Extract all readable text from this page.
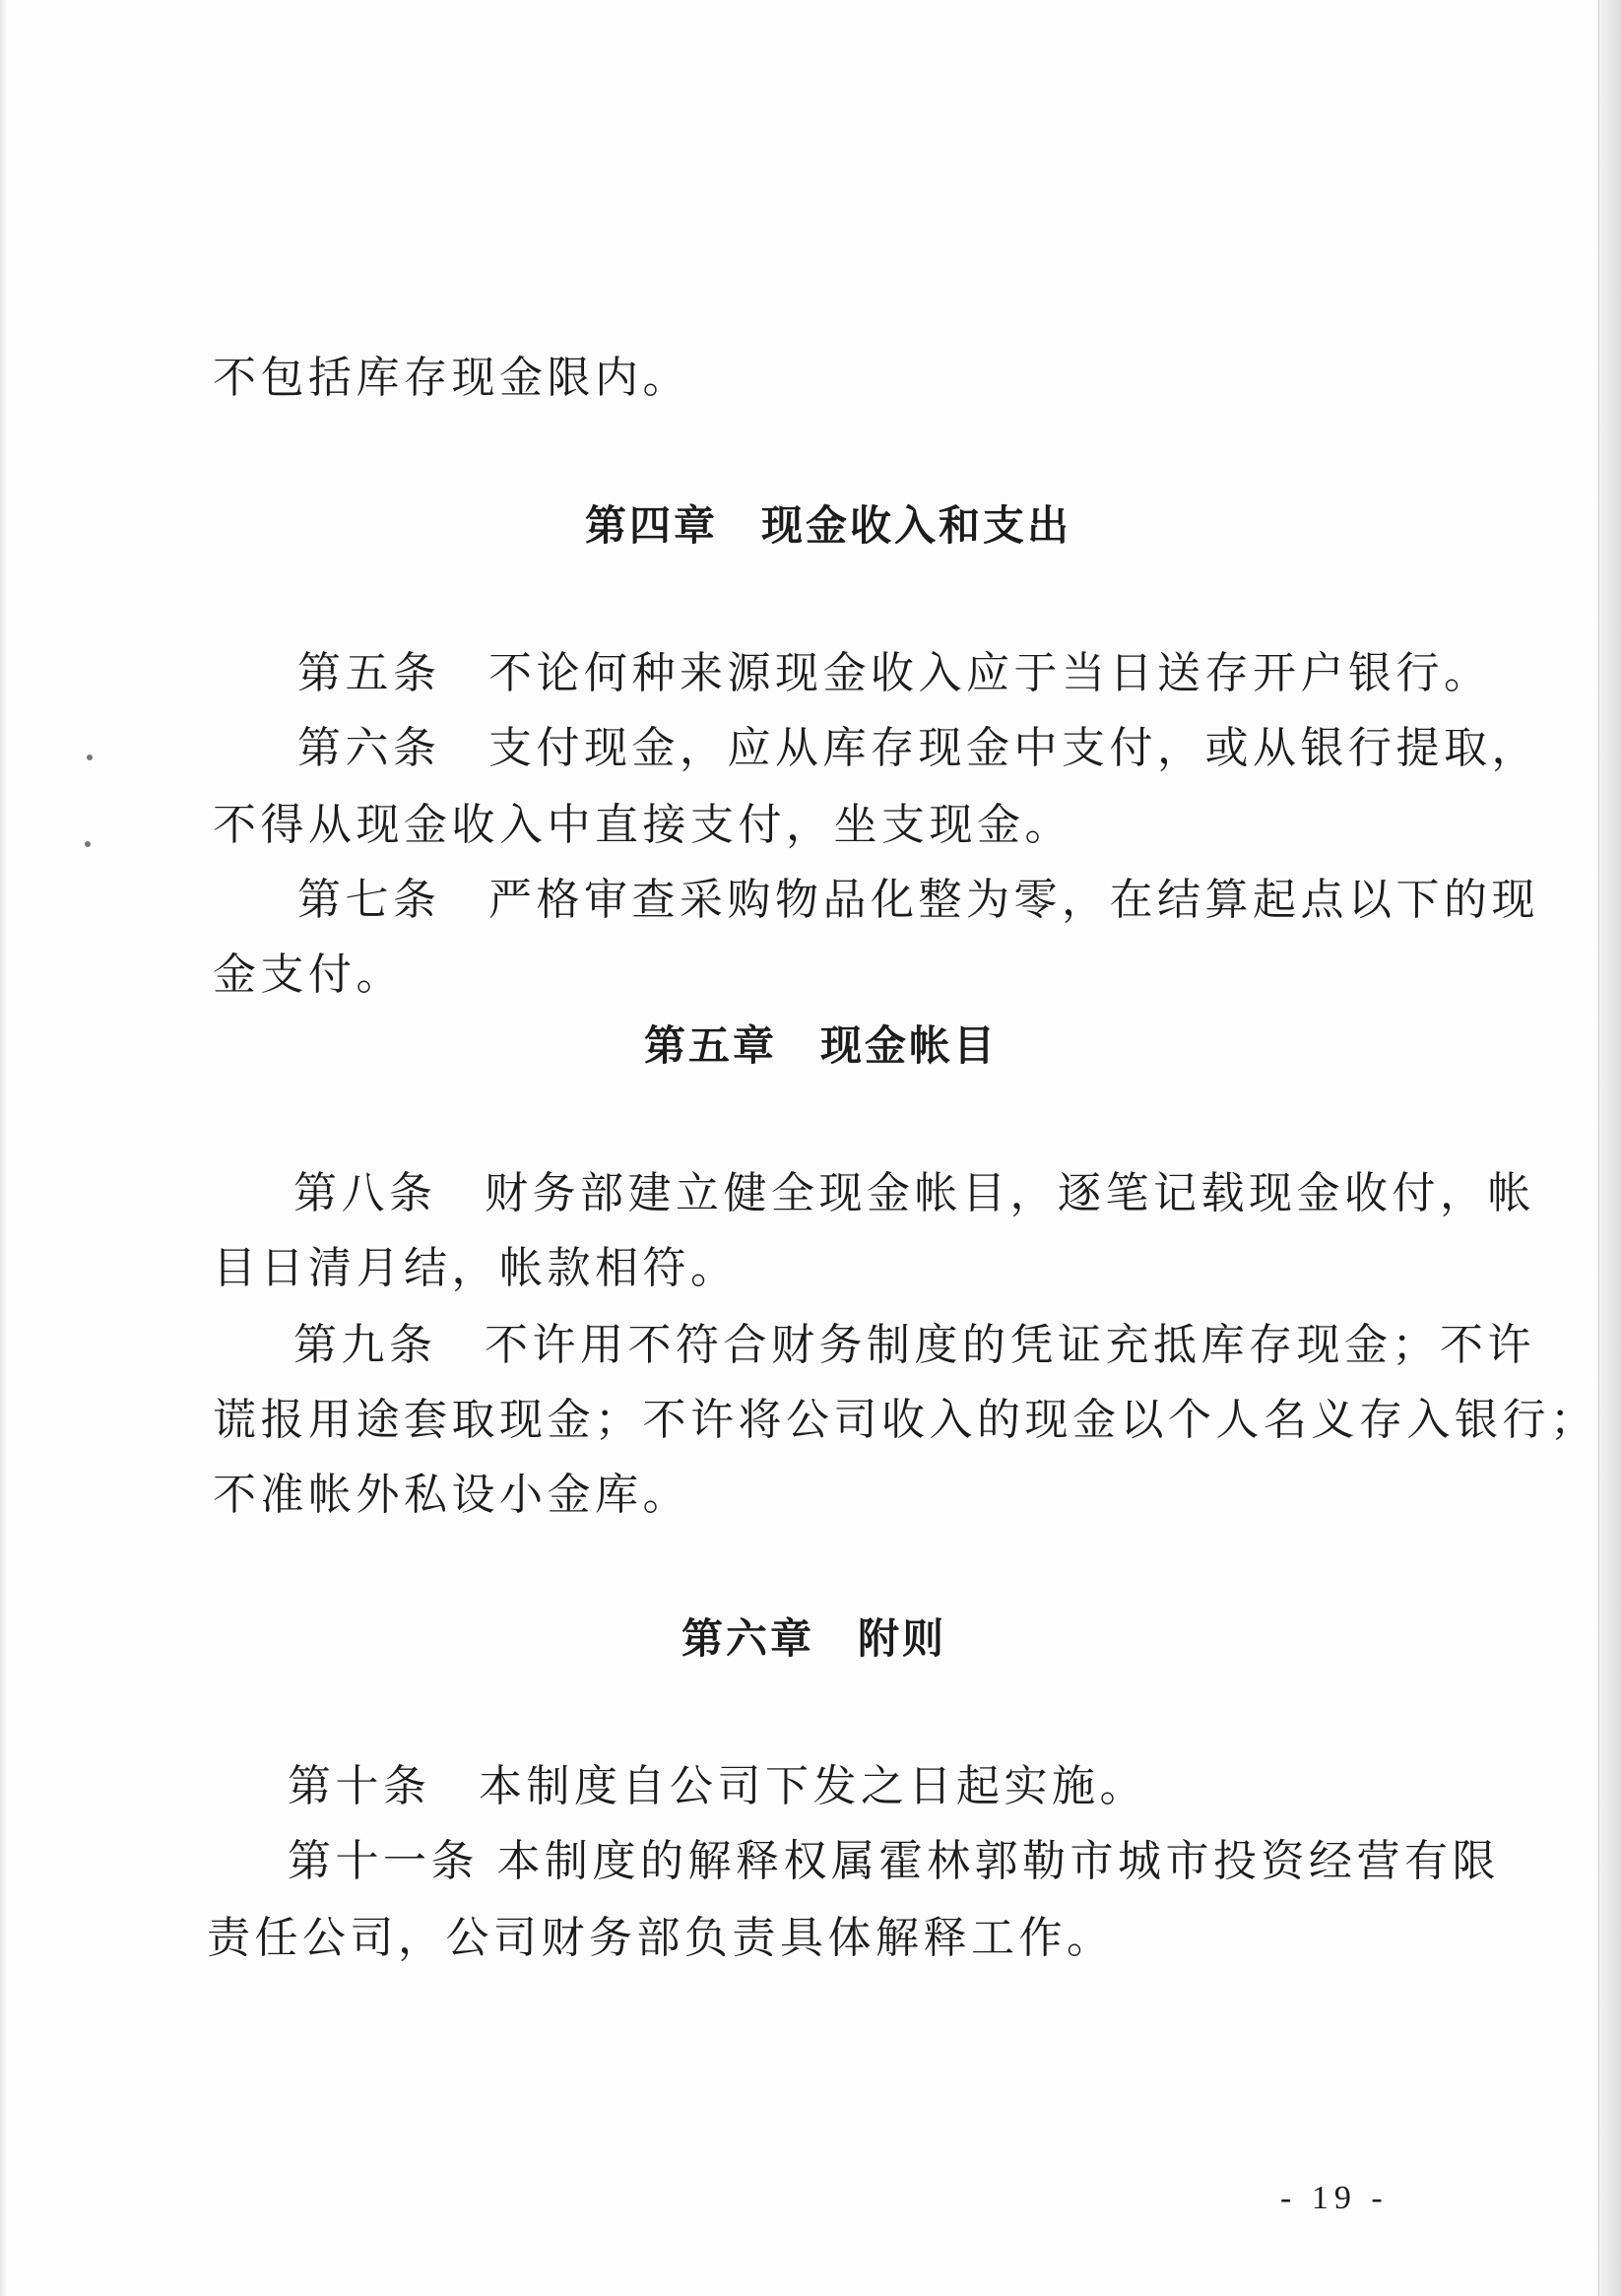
不包括库存现金限内。
第四章 现金收入和支出
第五条　不论何种来源现金收入应于当日送存开户银行。
第六条　支付现金，应从库存现金中支付，或从银行提取，
不得从现金收入中直接支付，坐支现金。
第七条　严格审查采购物品化整为零，在结算起点以下的现
金支付。
第五章 现金帐目
第八条　财务部建立健全现金帐目，逐笔记载现金收付，帐
目日清月结，帐款相符。
第九条　不许用不符合财务制度的凭证充抵库存现金；不许
谎报用途套取现金；不许将公司收入的现金以个人名义存入银行；
不准帐外私设小金库。
第六章 附则
第十条　本制度自公司下发之日起实施。
第十一条 本制度的解释权属霍林郭勒市城市投资经营有限
责任公司，公司财务部负责具体解释工作。
- 19 -
